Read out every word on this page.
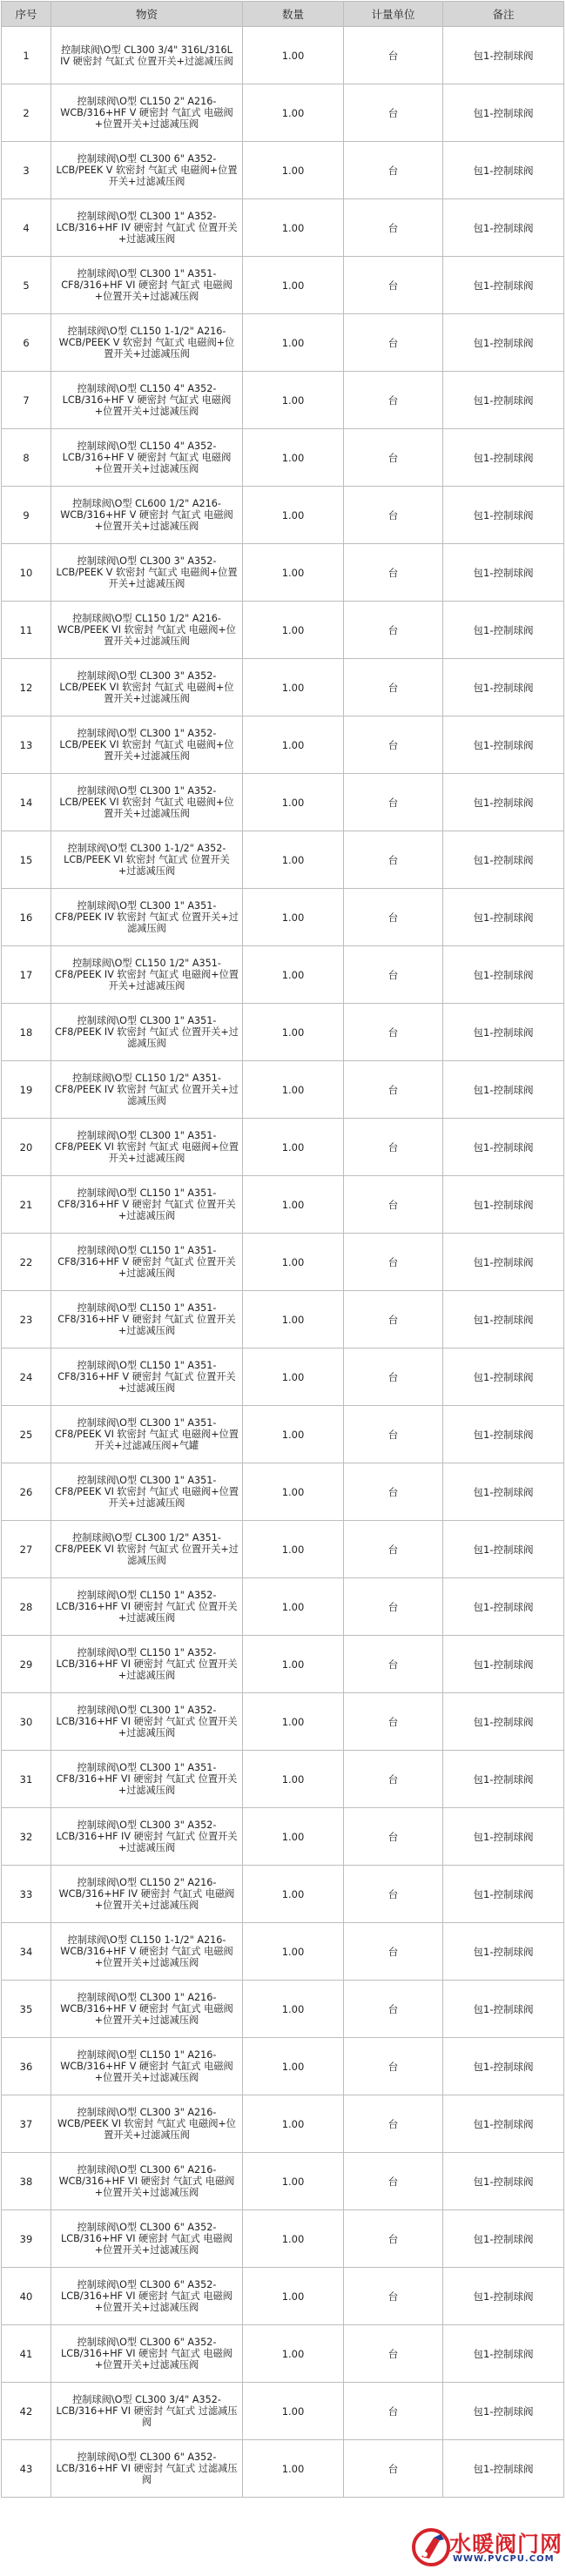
序号	物资	数量	计量单位	备注
1	控制球阀\O型 CL300 3/4" 316L/316L IV 硬密封 气缸式 位置开关+过滤减压阀	1.00	台	包1-控制球阀
2	控制球阀\O型 CL150 2" A216-WCB/316+HF V 硬密封 气缸式 电磁阀+位置开关+过滤减压阀	1.00	台	包1-控制球阀
3	控制球阀\O型 CL300 6" A352-LCB/PEEK V 软密封 气缸式 电磁阀+位置开关+过滤减压阀	1.00	台	包1-控制球阀
4	控制球阀\O型 CL300 1" A352-LCB/316+HF IV 硬密封 气缸式 位置开关+过滤减压阀	1.00	台	包1-控制球阀
5	控制球阀\O型 CL300 1" A351-CF8/316+HF VI 硬密封 气缸式 电磁阀+位置开关+过滤减压阀	1.00	台	包1-控制球阀
6	控制球阀\O型 CL150 1-1/2" A216-WCB/PEEK V 软密封 气缸式 电磁阀+位置开关+过滤减压阀	1.00	台	包1-控制球阀
7	控制球阀\O型 CL150 4" A352-LCB/316+HF V 硬密封 气缸式 电磁阀+位置开关+过滤减压阀	1.00	台	包1-控制球阀
8	控制球阀\O型 CL150 4" A352-LCB/316+HF V 硬密封 气缸式 电磁阀+位置开关+过滤减压阀	1.00	台	包1-控制球阀
9	控制球阀\O型 CL600 1/2" A216-WCB/316+HF V 硬密封 气缸式 电磁阀+位置开关+过滤减压阀	1.00	台	包1-控制球阀
10	控制球阀\O型 CL300 3" A352-LCB/PEEK V 软密封 气缸式 电磁阀+位置开关+过滤减压阀	1.00	台	包1-控制球阀
11	控制球阀\O型 CL150 1/2" A216-WCB/PEEK VI 软密封 气缸式 电磁阀+位置开关+过滤减压阀	1.00	台	包1-控制球阀
12	控制球阀\O型 CL300 3" A352-LCB/PEEK VI 软密封 气缸式 电磁阀+位置开关+过滤减压阀	1.00	台	包1-控制球阀
13	控制球阀\O型 CL300 1" A352-LCB/PEEK VI 软密封 气缸式 电磁阀+位置开关+过滤减压阀	1.00	台	包1-控制球阀
14	控制球阀\O型 CL300 1" A352-LCB/PEEK VI 软密封 气缸式 电磁阀+位置开关+过滤减压阀	1.00	台	包1-控制球阀
15	控制球阀\O型 CL300 1-1/2" A352-LCB/PEEK VI 软密封 气缸式 位置开关+过滤减压阀	1.00	台	包1-控制球阀
16	控制球阀\O型 CL300 1" A351-CF8/PEEK IV 软密封 气缸式 位置开关+过滤减压阀	1.00	台	包1-控制球阀
17	控制球阀\O型 CL150 1/2" A351-CF8/PEEK IV 软密封 气缸式 电磁阀+位置开关+过滤减压阀	1.00	台	包1-控制球阀
18	控制球阀\O型 CL300 1" A351-CF8/PEEK IV 软密封 气缸式 位置开关+过滤减压阀	1.00	台	包1-控制球阀
19	控制球阀\O型 CL150 1/2" A351-CF8/PEEK IV 软密封 气缸式 位置开关+过滤减压阀	1.00	台	包1-控制球阀
20	控制球阀\O型 CL300 1" A351-CF8/PEEK VI 软密封 气缸式 电磁阀+位置开关+过滤减压阀	1.00	台	包1-控制球阀
21	控制球阀\O型 CL150 1" A351-CF8/316+HF V 硬密封 气缸式 位置开关+过滤减压阀	1.00	台	包1-控制球阀
22	控制球阀\O型 CL150 1" A351-CF8/316+HF V 硬密封 气缸式 位置开关+过滤减压阀	1.00	台	包1-控制球阀
23	控制球阀\O型 CL150 1" A351-CF8/316+HF V 硬密封 气缸式 位置开关+过滤减压阀	1.00	台	包1-控制球阀
24	控制球阀\O型 CL150 1" A351-CF8/316+HF V 硬密封 气缸式 位置开关+过滤减压阀	1.00	台	包1-控制球阀
25	控制球阀\O型 CL300 1" A351-CF8/PEEK VI 软密封 气缸式 电磁阀+位置开关+过滤减压阀+气罐	1.00	台	包1-控制球阀
26	控制球阀\O型 CL300 1" A351-CF8/PEEK VI 软密封 气缸式 电磁阀+位置开关+过滤减压阀	1.00	台	包1-控制球阀
27	控制球阀\O型 CL300 1/2" A351-CF8/PEEK VI 软密封 气缸式 位置开关+过滤减压阀	1.00	台	包1-控制球阀
28	控制球阀\O型 CL150 1" A352-LCB/316+HF VI 硬密封 气缸式 位置开关+过滤减压阀	1.00	台	包1-控制球阀
29	控制球阀\O型 CL150 1" A352-LCB/316+HF VI 硬密封 气缸式 位置开关+过滤减压阀	1.00	台	包1-控制球阀
30	控制球阀\O型 CL300 1" A352-LCB/316+HF VI 硬密封 气缸式 位置开关+过滤减压阀	1.00	台	包1-控制球阀
31	控制球阀\O型 CL300 1" A351-CF8/316+HF VI 硬密封 气缸式 位置开关+过滤减压阀	1.00	台	包1-控制球阀
32	控制球阀\O型 CL300 3" A352-LCB/316+HF IV 硬密封 气缸式 位置开关+过滤减压阀	1.00	台	包1-控制球阀
33	控制球阀\O型 CL150 2" A216-WCB/316+HF IV 硬密封 气缸式 电磁阀+位置开关+过滤减压阀	1.00	台	包1-控制球阀
34	控制球阀\O型 CL150 1-1/2" A216-WCB/316+HF V 硬密封 气缸式 电磁阀+位置开关+过滤减压阀	1.00	台	包1-控制球阀
35	控制球阀\O型 CL300 1" A216-WCB/316+HF V 硬密封 气缸式 电磁阀+位置开关+过滤减压阀	1.00	台	包1-控制球阀
36	控制球阀\O型 CL150 1" A216-WCB/316+HF V 硬密封 气缸式 电磁阀+位置开关+过滤减压阀	1.00	台	包1-控制球阀
37	控制球阀\O型 CL300 3" A216-WCB/PEEK VI 软密封 气缸式 电磁阀+位置开关+过滤减压阀	1.00	台	包1-控制球阀
38	控制球阀\O型 CL300 6" A216-WCB/316+HF VI 硬密封 气缸式 电磁阀+位置开关+过滤减压阀	1.00	台	包1-控制球阀
39	控制球阀\O型 CL300 6" A352-LCB/316+HF VI 硬密封 气缸式 电磁阀+位置开关+过滤减压阀	1.00	台	包1-控制球阀
40	控制球阀\O型 CL300 6" A352-LCB/316+HF VI 硬密封 气缸式 电磁阀+位置开关+过滤减压阀	1.00	台	包1-控制球阀
41	控制球阀\O型 CL300 6" A352-LCB/316+HF VI 硬密封 气缸式 电磁阀+位置开关+过滤减压阀	1.00	台	包1-控制球阀
42	控制球阀\O型 CL300 3/4" A352-LCB/316+HF VI 硬密封 气缸式 过滤减压阀	1.00	台	包1-控制球阀
43	控制球阀\O型 CL300 6" A352-LCB/316+HF VI 硬密封 气缸式 过滤减压阀	1.00	台	包1-控制球阀
水暖阀门网
WWW.PVCPU.COM
